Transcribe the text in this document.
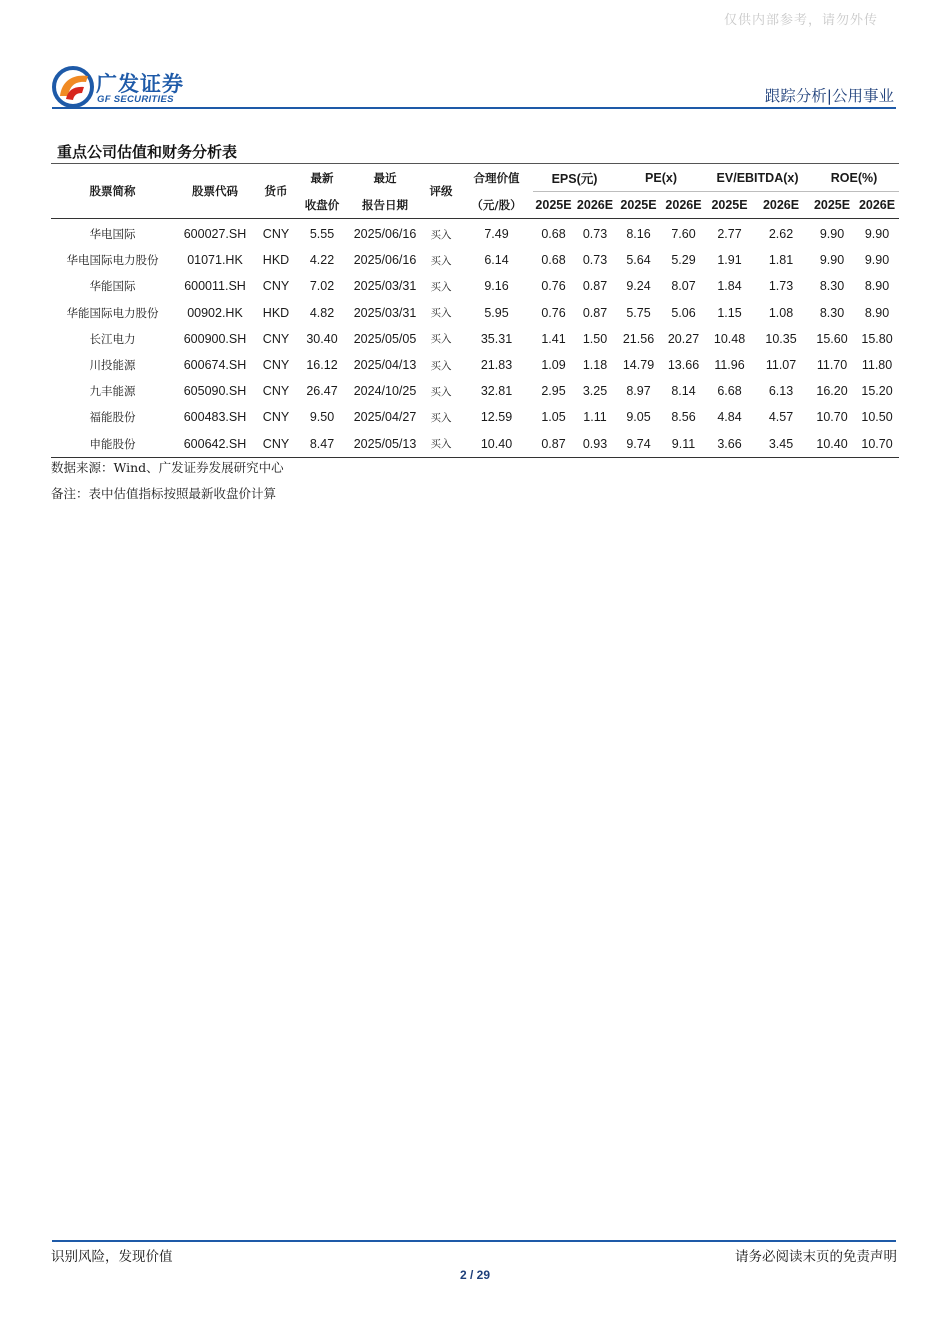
仅供内部参考，请勿外传
广发证券
GF SECURITIES	跟踪分析|公用事业
重点公司估值和财务分析表
股票简称	股票代码	货币	最新	最近	评级	合理价值	EPS(元)		PE(x)		EV/EBITDA(x)		ROE(%)	
			收盘价	报告日期		（元/股）	2025E	2026E	2025E	2026E	2025E	2026E	2025E	2026E
华电国际	600027.SH	CNY	5.55	2025/06/16	买入	7.49	0.68	0.73	8.16	7.60	2.77	2.62	9.90	9.90
华电国际电力股份	01071.HK	HKD	4.22	2025/06/16	买入	6.14	0.68	0.73	5.64	5.29	1.91	1.81	9.90	9.90
华能国际	600011.SH	CNY	7.02	2025/03/31	买入	9.16	0.76	0.87	9.24	8.07	1.84	1.73	8.30	8.90
华能国际电力股份	00902.HK	HKD	4.82	2025/03/31	买入	5.95	0.76	0.87	5.75	5.06	1.15	1.08	8.30	8.90
长江电力	600900.SH	CNY	30.40	2025/05/05	买入	35.31	1.41	1.50	21.56	20.27	10.48	10.35	15.60	15.80
川投能源	600674.SH	CNY	16.12	2025/04/13	买入	21.83	1.09	1.18	14.79	13.66	11.96	11.07	11.70	11.80
九丰能源	605090.SH	CNY	26.47	2024/10/25	买入	32.81	2.95	3.25	8.97	8.14	6.68	6.13	16.20	15.20
福能股份	600483.SH	CNY	9.50	2025/04/27	买入	12.59	1.05	1.11	9.05	8.56	4.84	4.57	10.70	10.50
申能股份	600642.SH	CNY	8.47	2025/05/13	买入	10.40	0.87	0.93	9.74	9.11	3.66	3.45	10.40	10.70
数据来源：Wind、广发证券发展研究中心
备注：表中估值指标按照最新收盘价计算
识别风险，发现价值	请务必阅读末页的免责声明
2 / 29
